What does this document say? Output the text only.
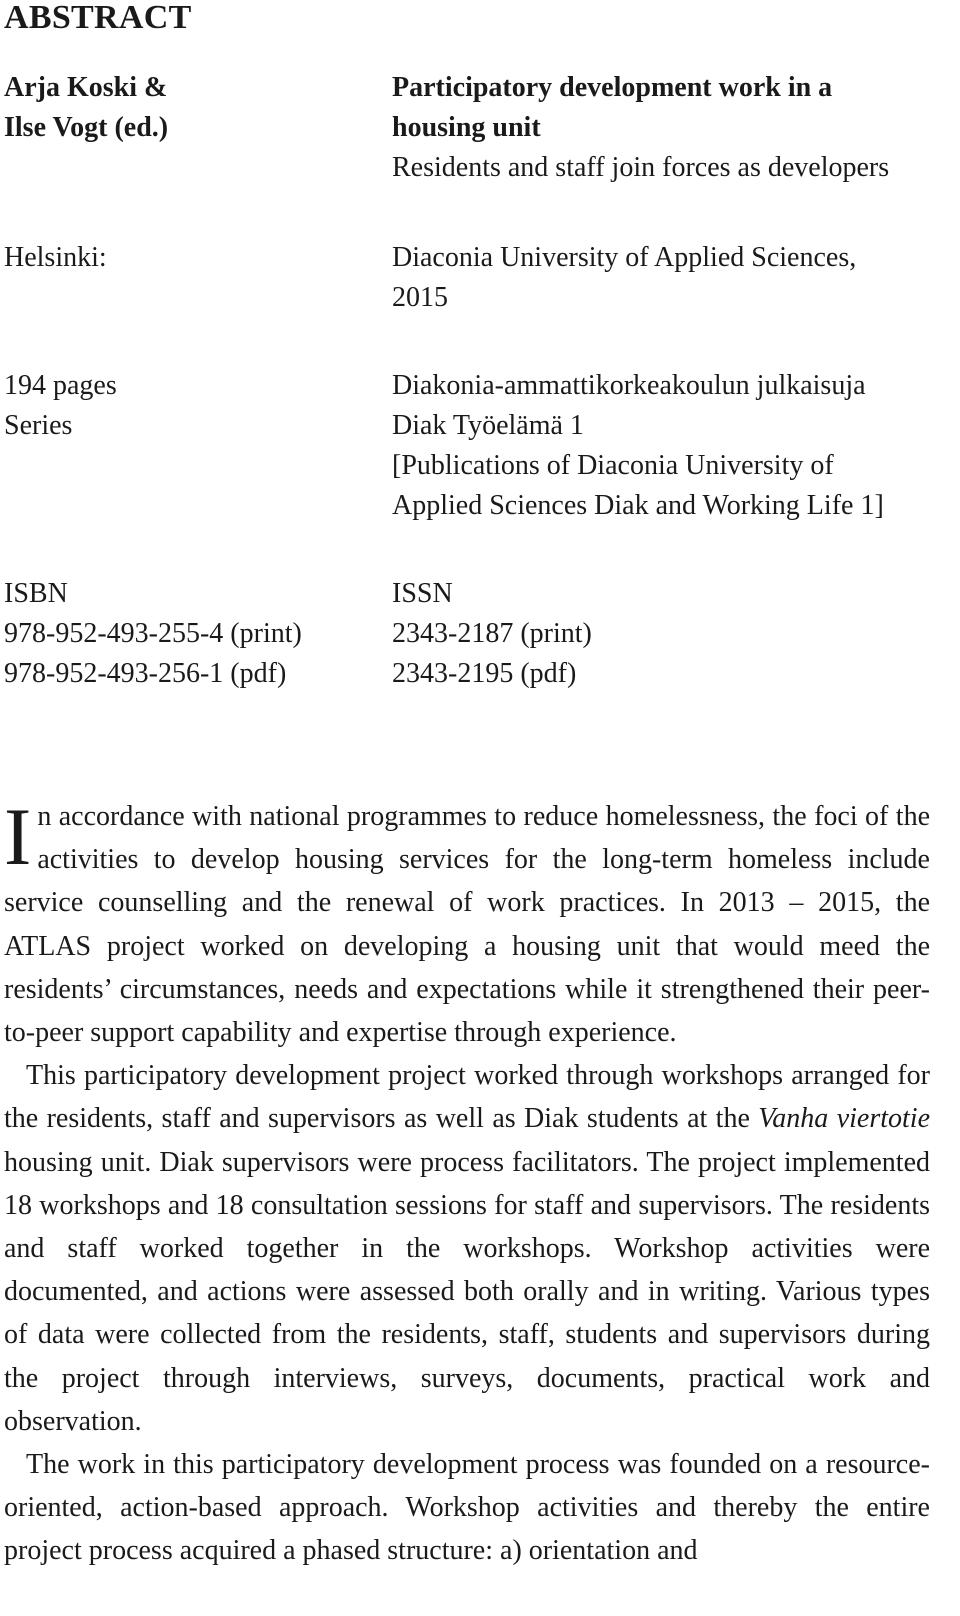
ABSTRACT
Arja Koski &
Ilse Vogt (ed.)
Participatory development work in a
housing unit
Residents and staff join forces as developers
Helsinki:	Diaconia University of Applied Sciences,
2015
194 pages
Series
Diakonia-ammattikorkeakoulun julkaisuja
Diak Työelämä 1
[Publications of Diaconia University of
Applied Sciences Diak and Working Life 1]
ISBN
978-952-493-255-4 (print)
978-952-493-256-1 (pdf)
ISSN
2343-2187 (print)
2343-2195 (pdf)

In accordance with national programmes to reduce homelessness, the foci of the activities to develop housing services for the long-term homeless include service counselling and the renewal of work practices. In 2013 – 2015, the ATLAS project worked on developing a housing unit that would meed the residents’ circumstances, needs and expectations while it strengthened their peer-to-peer support capability and expertise through experience.

This participatory development project worked through workshops arranged for the residents, staff and supervisors as well as Diak students at the Vanha viertotie housing unit. Diak supervisors were process facilitators. The project implemented 18 workshops and 18 consultation sessions for staff and supervisors. The residents and staff worked together in the workshops. Workshop activities were documented, and actions were assessed both orally and in writing. Various types of data were collected from the residents, staff, students and supervisors during the project through interviews, surveys, documents, practical work and observation.

The work in this participatory development process was founded on a resource-oriented, action-based approach. Workshop activities and thereby the entire project process acquired a phased structure: a) orientation and
